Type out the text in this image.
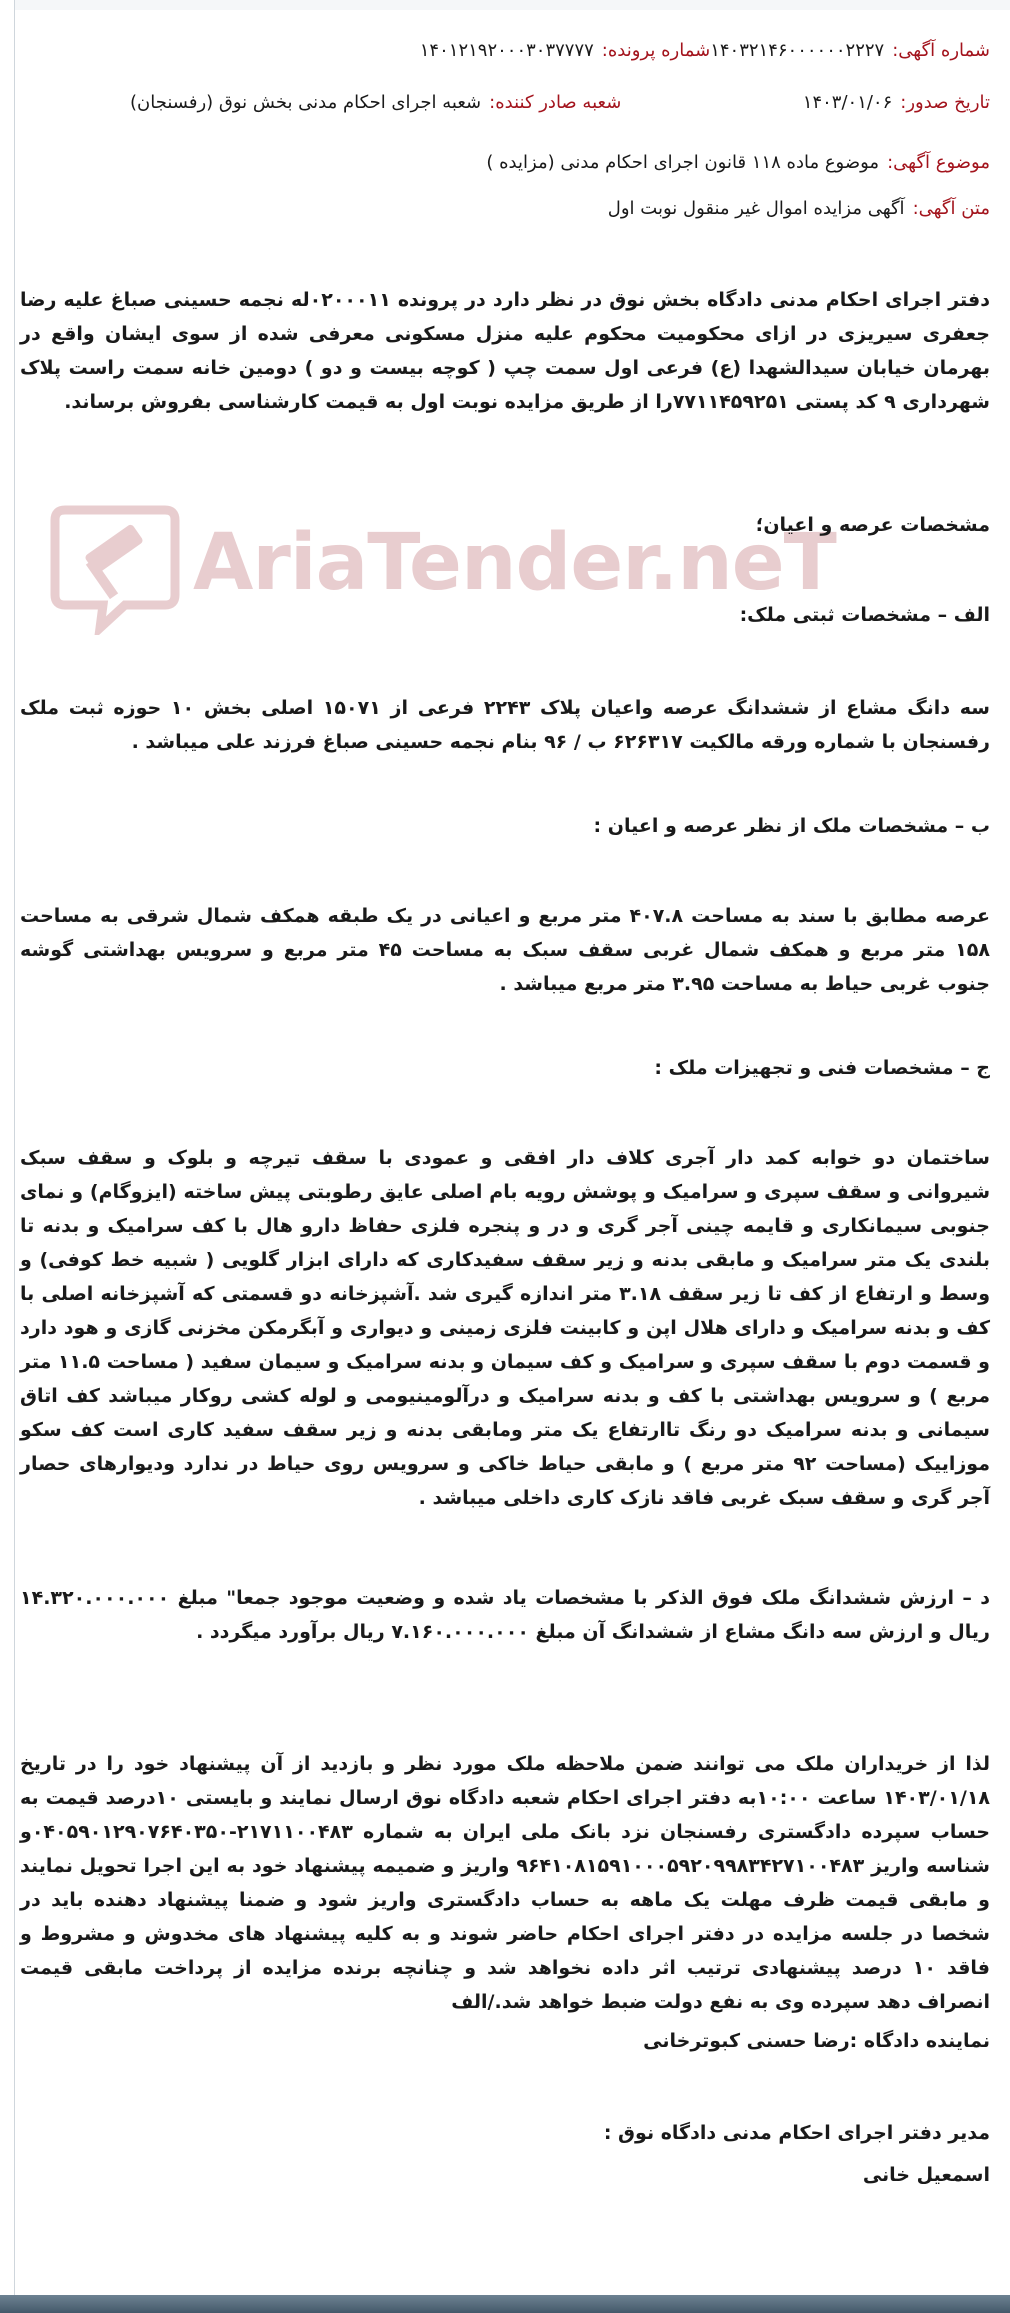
شماره آگهی:
۱۴۰۳۲۱۴۶۰۰۰۰۰۰۲۲۲۷
شماره پرونده:
۱۴۰۱۲۱۹۲۰۰۰۳۰۳۷۷۷۷
تاریخ صدور:
۱۴۰۳/۰۱/۰۶
شعبه صادر کننده:
شعبه اجرای احکام مدنی بخش نوق (رفسنجان)
موضوع آگهی:
موضوع ماده ۱۱۸ قانون اجرای احکام مدنی (مزایده )
متن آگهی:
آگهی مزایده اموال غیر منقول نوبت اول
AriaTender.neT
دفتر اجرای احکام مدنی دادگاه بخش نوق در نظر دارد در پرونده ۰۲۰۰۰۱۱له نجمه حسینی صباغ علیه رضا جعفری سیریزی در ازای محکومیت محکوم علیه منزل مسکونی معرفی شده از سوی ایشان واقع در بهرمان خیابان سیدالشهدا (ع) فرعی اول سمت چپ ( کوچه بیست و دو ) دومین خانه سمت راست پلاک شهرداری ۹ کد پستی ۷۷۱۱۴۵۹۲۵۱را از طریق مزایده نوبت اول به قیمت کارشناسی بفروش برساند.
مشخصات عرصه و اعیان؛
الف – مشخصات ثبتی ملک:
سه دانگ مشاع از ششدانگ عرصه واعیان پلاک ۲۲۴۳ فرعی از ۱۵۰۷۱ اصلی بخش ۱۰ حوزه ثبت ملک رفسنجان با شماره ورقه مالکیت ۶۲۶۳۱۷ ب / ۹۶ بنام نجمه حسینی صباغ فرزند علی میباشد .
ب – مشخصات ملک از نظر عرصه و اعیان :
عرصه مطابق با سند به مساحت ۴۰۷.۸ متر مربع و اعیانی در یک طبقه همکف شمال شرقی به مساحت ۱۵۸ متر مربع و همکف شمال غربی سقف سبک به مساحت ۴۵ متر مربع و سرویس بهداشتی گوشه جنوب غربی حیاط به مساحت ۳.۹۵ متر مربع میباشد .
ج – مشخصات فنی و تجهیزات ملک :
ساختمان دو خوابه کمد دار آجری کلاف دار افقی و عمودی با سقف تیرچه و بلوک و سقف سبک شیروانی و سقف سپری و سرامیک و پوشش رویه بام اصلی عایق رطوبتی پیش ساخته (ایزوگام) و نمای جنوبی سیمانکاری و قایمه چینی آجر گری و در و پنجره فلزی حفاظ دارو هال با کف سرامیک و بدنه تا بلندی یک متر سرامیک و مابقی بدنه و زیر سقف سفیدکاری که دارای ابزار گلویی ( شبیه خط کوفی) و وسط و ارتفاع از کف تا زیر سقف ۳.۱۸ متر اندازه گیری شد .آشپزخانه دو قسمتی که آشپزخانه اصلی با کف و بدنه سرامیک و دارای هلال اپن و کابینت فلزی زمینی و دیواری و آبگرمکن مخزنی گازی و هود دارد و قسمت دوم با سقف سپری و سرامیک و کف سیمان و بدنه سرامیک و سیمان سفید ( مساحت ۱۱.۵ متر مربع ) و سرویس بهداشتی با کف و بدنه سرامیک و درآلومینیومی و لوله کشی روکار میباشد کف اتاق سیمانی و بدنه سرامیک دو رنگ تاارتفاع یک متر ومابقی بدنه و زیر سقف سفید کاری است کف سکو موزاییک (مساحت ۹۲ متر مربع ) و مابقی حیاط خاکی و سرویس روی حیاط در ندارد ودیوارهای حصار آجر گری و سقف سبک غربی فاقد نازک کاری داخلی میباشد .
د – ارزش ششدانگ ملک فوق الذکر با مشخصات یاد شده و وضعیت موجود جمعا" مبلغ ۱۴.۳۲۰.۰۰۰.۰۰۰ ریال و ارزش سه دانگ مشاع از ششدانگ آن مبلغ ۷.۱۶۰.۰۰۰.۰۰۰ ریال برآورد میگردد .
لذا از خریداران ملک می توانند ضمن ملاحظه ملک مورد نظر و بازدید از آن پیشنهاد خود را در تاریخ ۱۴۰۳/۰۱/۱۸ ساعت ۱۰:۰۰به دفتر اجرای احکام شعبه دادگاه نوق ارسال نمایند و بایستی ۱۰درصد قیمت به حساب سپرده دادگستری رفسنجان نزد بانک ملی ایران به شماره ۲۱۷۱۱۰۰۴۸۳-۰۴۰۵۹۰۱۲۹۰۷۶۴۰۳۵۰و شناسه واریز ۹۶۴۱۰۸۱۵۹۱۰۰۰۵۹۲۰۹۹۸۳۴۲۷۱۰۰۴۸۳ واریز و ضمیمه پیشنهاد خود به این اجرا تحویل نمایند و مابقی قیمت ظرف مهلت یک ماهه به حساب دادگستری واریز شود و ضمنا پیشنهاد دهنده باید در شخصا در جلسه مزایده در دفتر اجرای احکام حاضر شوند و به کلیه پیشنهاد های مخدوش و مشروط و فاقد ۱۰ درصد پیشنهادی ترتیب اثر داده نخواهد شد و چنانچه برنده مزایده از پرداخت مابقی قیمت انصراف دهد سپرده وی به نفع دولت ضبط خواهد شد./الف
نماینده دادگاه :رضا حسنی کبوترخانی
مدیر دفتر اجرای احکام مدنی دادگاه نوق :
اسمعیل خانی
